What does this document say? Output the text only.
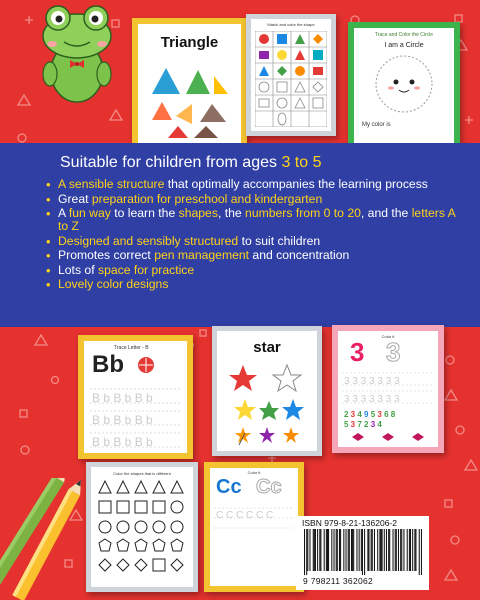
Triangle
Match and color the shape
Trace and Color the Circle
I am a Circle
My color is
Suitable for children from ages 3 to 5
• A sensible structure that optimally accompanies the learning process
• Great preparation for preschool and kindergarten
• A fun way to learn the shapes, the numbers from 0 to 20, and the letters A to Z
• Designed and sensibly structured to suit children
• Promotes correct pen management and concentration
• Lots of space for practice
• Lovely color designs
Trace Letter - B
Bb
B b B b B b
B b B b B b
B b B b B b
star
Color it
3 3
3 3 3 3 3 3 3
3 3 3 3 3 3 3
2 3 4 9 5 3 6 8
5 3 7 2 3 4
Color the shapes that is different	Color it
Cc Cc
C C C C C C
ISBN 979-8-21-136206-2
9 798211 362062
